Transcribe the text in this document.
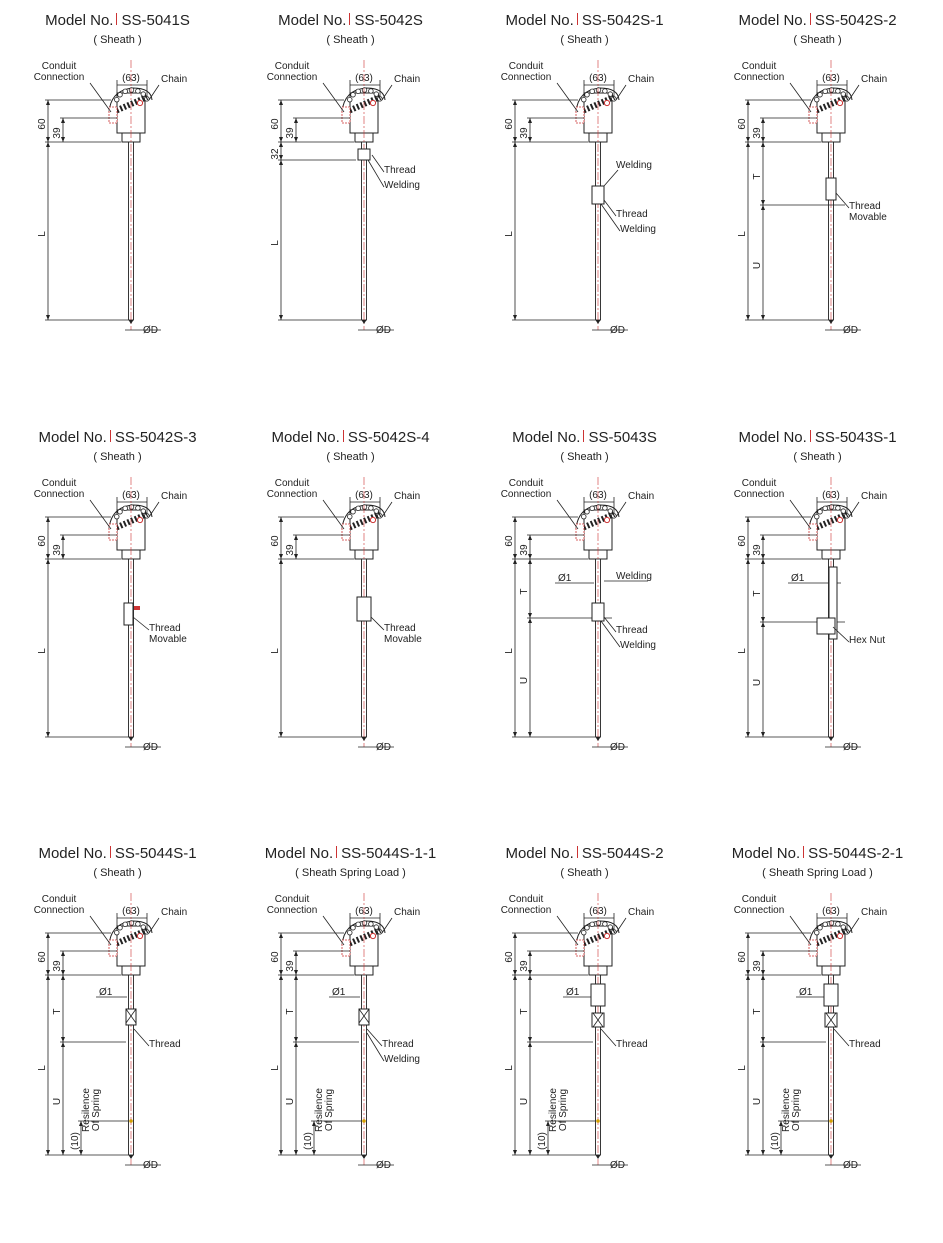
Model No. SS-5041S
( Sheath )
Conduit
Connection	(63) Chain
ØD
60
39
L
Model No. SS-5042S
( Sheath )
Conduit
Connection	(63) Chain
ØD
60
39
32
L
Thread
Welding
Model No. SS-5042S-1
( Sheath )
Conduit
Connection	(63) Chain
ØD
60
39
L
Welding
Thread
Welding
Model No. SS-5042S-2
( Sheath )
Conduit
Connection	(63) Chain
ØD
60
39
L
T
U
Thread
Movable
Model No. SS-5042S-3
( Sheath )
Conduit
Connection	(63) Chain
ØD
60
39
L
Thread
Movable
Model No. SS-5042S-4
( Sheath )
Conduit
Connection	(63) Chain
ØD
60
39
L
Thread
Movable
Model No. SS-5043S
( Sheath )
Conduit
Connection	(63) Chain
ØD
60
39
L
T
U
Ø1	Welding
Thread
Welding
Model No. SS-5043S-1
( Sheath )
Conduit
Connection	(63) Chain
ØD
60
39
L
T
U
Ø1
Hex Nut
Model No. SS-5044S-1
( Sheath )
Conduit
Connection	(63) Chain
ØD
60
39
L
T
U
Ø1
Thread
(10)
Resilence Of Spring
Model No. SS-5044S-1-1
( Sheath Spring Load )
Conduit
Connection	(63) Chain
ØD
60
39
L
T
U
Ø1
Thread
Welding
(10)
Resilence Of Spring
Model No. SS-5044S-2
( Sheath )
Conduit
Connection	(63) Chain
ØD
60
39
L
T
U
Ø1
Thread
(10)
Resilence Of Spring
Model No. SS-5044S-2-1
( Sheath Spring Load )
Conduit
Connection	(63) Chain
ØD
60
39
L
T
U
Ø1
Thread
(10)
Resilence Of Spring
